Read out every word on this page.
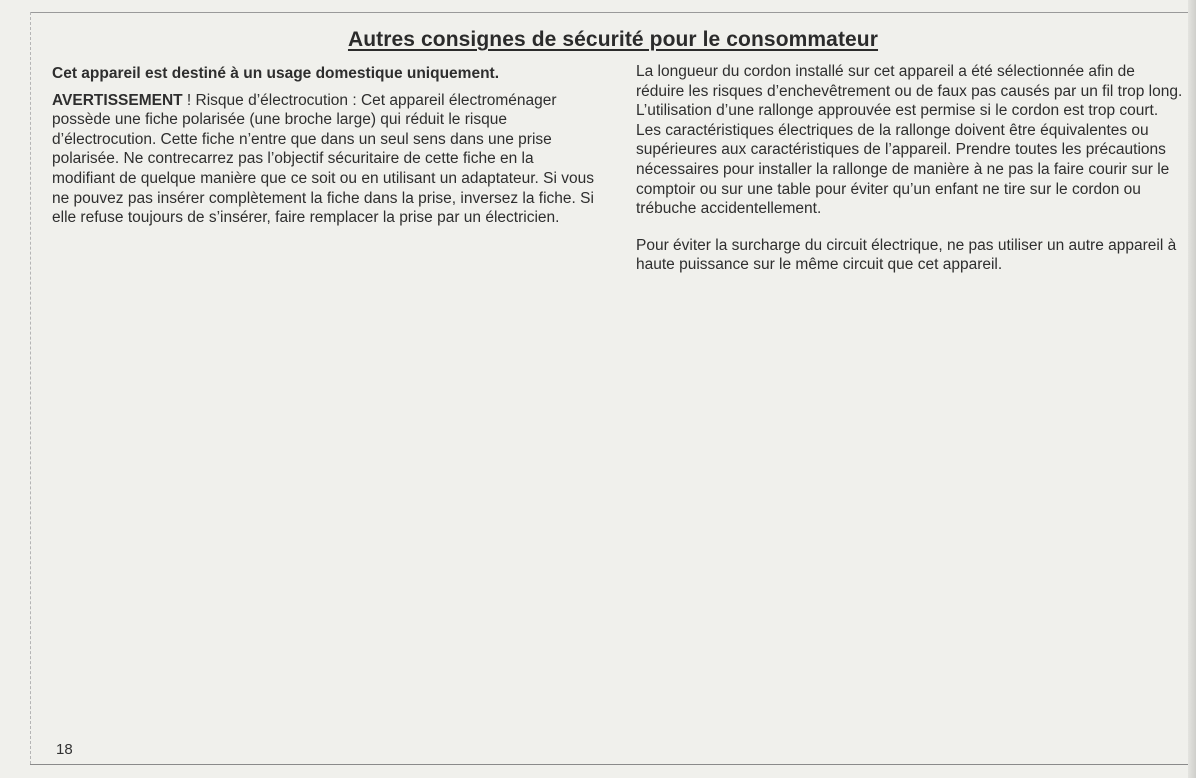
Autres consignes de sécurité pour le consommateur

Cet appareil est destiné à un usage domestique uniquement.

AVERTISSEMENT ! Risque d’électrocution : Cet appareil électroménager possède une fiche polarisée (une broche large) qui réduit le risque d’électrocution. Cette fiche n’entre que dans un seul sens dans une prise polarisée. Ne contrecarrez pas l’objectif sécuritaire de cette fiche en la modifiant de quelque manière que ce soit ou en utilisant un adaptateur. Si vous ne pouvez pas insérer complètement la fiche dans la prise, inversez la fiche. Si elle refuse toujours de s’insérer, faire remplacer la prise par un électricien.

La longueur du cordon installé sur cet appareil a été sélectionnée afin de réduire les risques d’enchevêtrement ou de faux pas causés par un fil trop long. L’utilisation d’une rallonge approuvée est permise si le cordon est trop court. Les caractéristiques électriques de la rallonge doivent être équivalentes ou supérieures aux caractéristiques de l’appareil. Prendre toutes les précautions nécessaires pour installer la rallonge de manière à ne pas la faire courir sur le comptoir ou sur une table pour éviter qu’un enfant ne tire sur le cordon ou trébuche accidentellement.

Pour éviter la surcharge du circuit électrique, ne pas utiliser un autre appareil à haute puissance sur le même circuit que cet appareil.

18
